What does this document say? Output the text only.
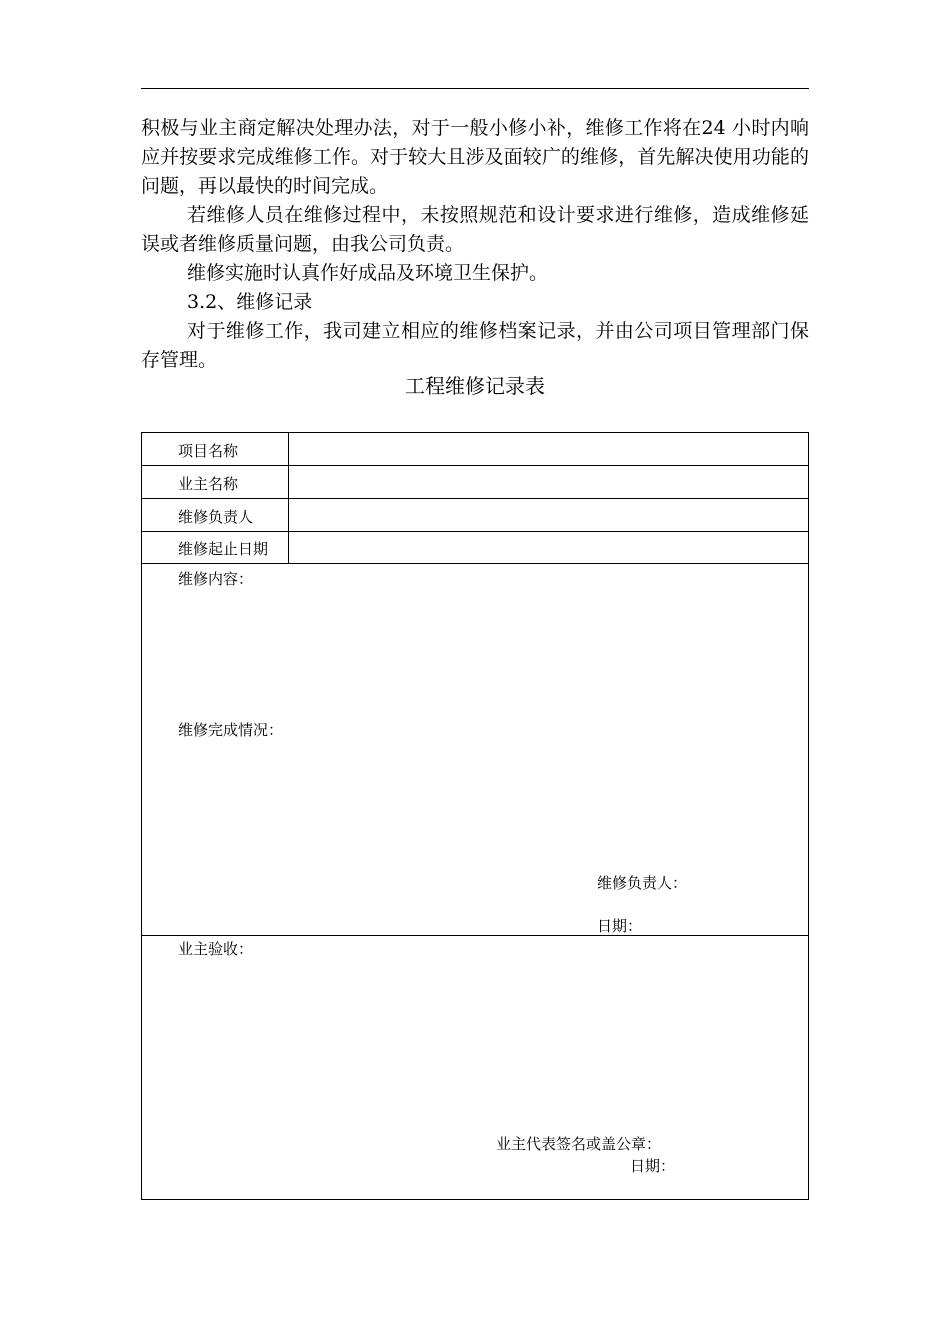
积极与业主商定解决处理办法，对于一般小修小补，维修工作将在24 小时内响应并按要求完成维修工作。对于较大且涉及面较广的维修，首先解决使用功能的问题，再以最快的时间完成。
若维修人员在维修过程中，未按照规范和设计要求进行维修，造成维修延误或者维修质量问题，由我公司负责。
维修实施时认真作好成品及环境卫生保护。
3.2、维修记录
对于维修工作，我司建立相应的维修档案记录，并由公司项目管理部门保存管理。
工程维修记录表
项目名称
业主名称
维修负责人
维修起止日期
维修内容：
维修完成情况：
维修负责人：
日期：
业主验收：
业主代表签名或盖公章：
日期：
